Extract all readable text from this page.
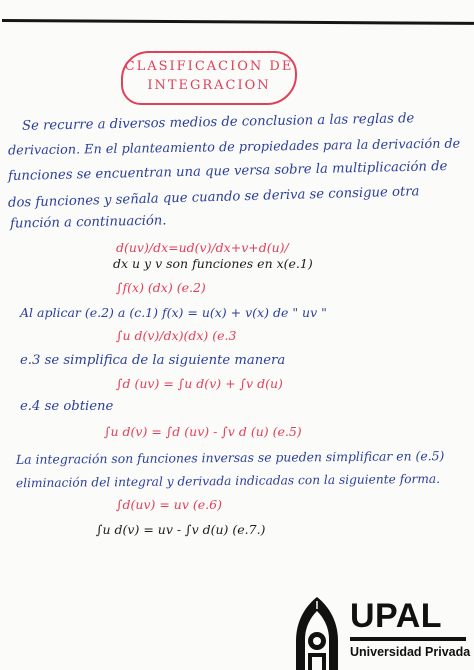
CLASIFICACION DE
INTEGRACION
Se recurre a diversos medios de conclusion a las reglas de
derivacion. En el planteamiento de propiedades para la derivación de
funciones se encuentran una que versa sobre la multiplicación de
dos funciones y señala que cuando se deriva se consigue otra
función a continuación.
d(uv)/dx=ud(v)/dx+v+d(u)/
dx u y v son funciones en x(e.1)
∫f(x) (dx) (e.2)
Al aplicar (e.2) a (c.1) f(x) = u(x) + v(x) de " uv "
∫u d(v)/dx)(dx) (e.3
e.3 se simplifica de la siguiente manera
∫d (uv) = ∫u d(v) + ∫v d(u)
e.4 se obtiene
∫u d(v) = ∫d (uv) - ∫v d (u) (e.5)
La integración son funciones inversas se pueden simplificar en (e.5)
eliminación del integral y derivada indicadas con la siguiente forma.
∫d(uv) = uv (e.6)
∫u d(v) = uv - ∫v d(u) (e.7.)
UPAL
Universidad Privada
